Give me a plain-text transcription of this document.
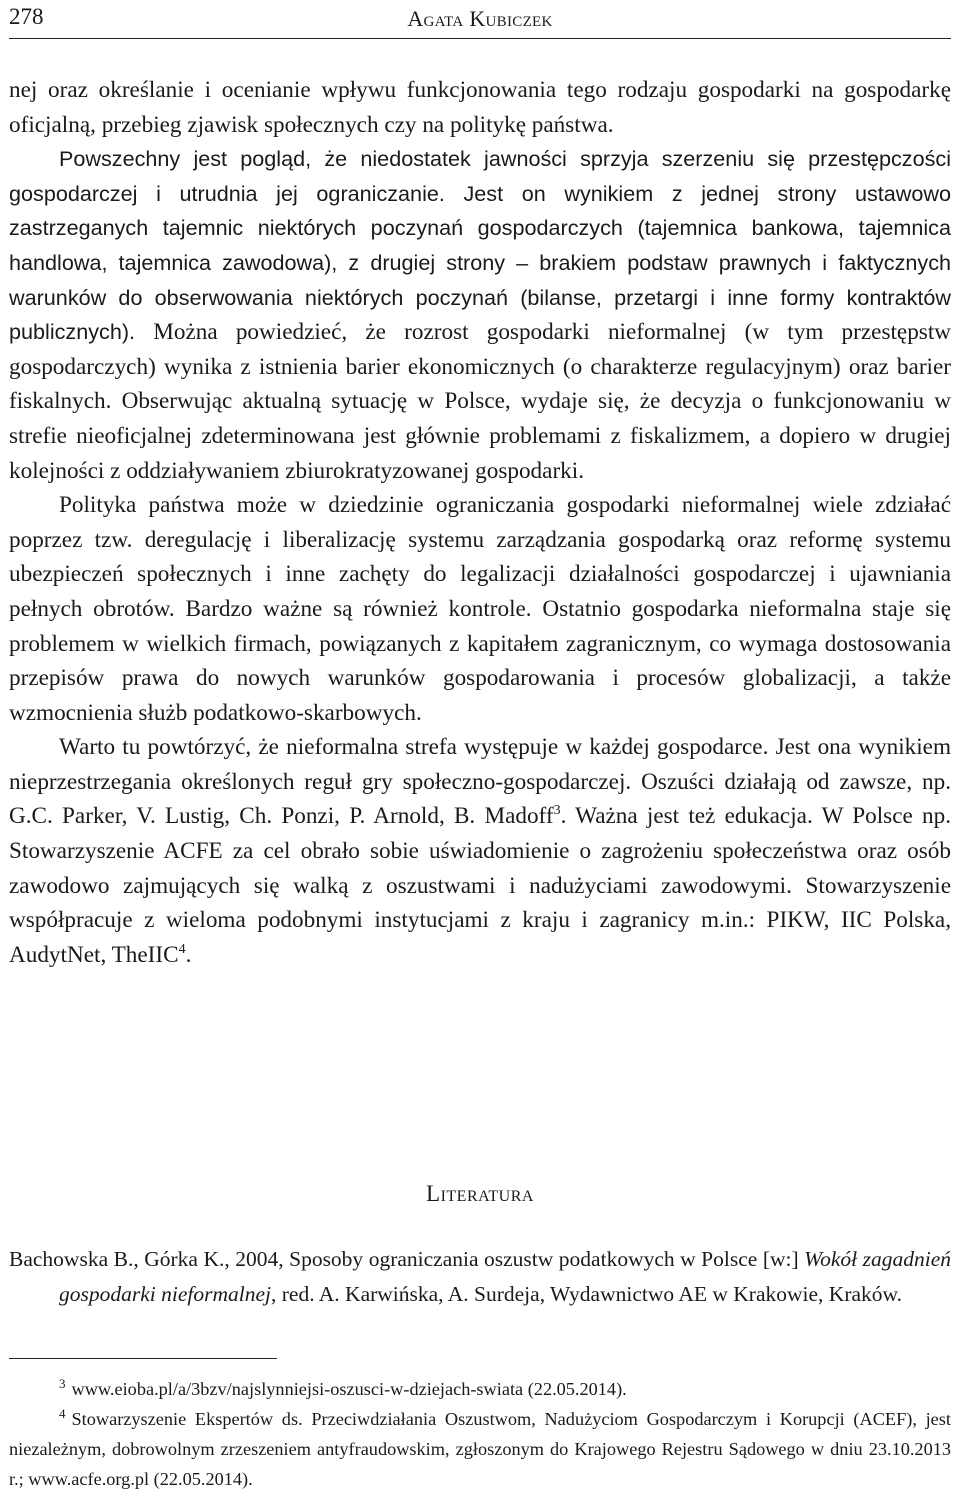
278	Agata Kubiczek

nej oraz określanie i ocenianie wpływu funkcjonowania tego rodzaju gospodarki na gospodarkę oficjalną, przebieg zjawisk społecznych czy na politykę państwa.

Powszechny jest pogląd, że niedostatek jawności sprzyja szerzeniu się przestępczości gospodarczej i utrudnia jej ograniczanie. Jest on wynikiem z jednej strony ustawowo zastrzeganych tajemnic niektórych poczynań gospodarczych (tajemnica bankowa, tajemnica handlowa, tajemnica zawodowa), z drugiej strony – brakiem podstaw prawnych i faktycznych warunków do obserwowania niektórych poczynań (bilanse, przetargi i inne formy kontraktów publicznych). Można powiedzieć, że rozrost gospodarki nieformalnej (w tym przestępstw gospodarczych) wynika z istnienia barier ekonomicznych (o charakterze regulacyjnym) oraz barier fiskalnych. Obserwując aktualną sytuację w Polsce, wydaje się, że decyzja o funkcjonowaniu w strefie nieoficjalnej zdeterminowana jest głównie problemami z fiskalizmem, a dopiero w drugiej kolejności z oddziaływaniem zbiurokratyzowanej gospodarki.

Polityka państwa może w dziedzinie ograniczania gospodarki nieformalnej wiele zdziałać poprzez tzw. deregulację i liberalizację systemu zarządzania gospodarką oraz reformę systemu ubezpieczeń społecznych i inne zachęty do legalizacji działalności gospodarczej i ujawniania pełnych obrotów. Bardzo ważne są również kontrole. Ostatnio gospodarka nieformalna staje się problemem w wielkich firmach, powiązanych z kapitałem zagranicznym, co wymaga dostosowania przepisów prawa do nowych warunków gospodarowania i procesów globalizacji, a także wzmocnienia służb podatkowo-skarbowych.

Warto tu powtórzyć, że nieformalna strefa występuje w każdej gospodarce. Jest ona wynikiem nieprzestrzegania określonych reguł gry społeczno-gospodarczej. Oszuści działają od zawsze, np. G.C. Parker, V. Lustig, Ch. Ponzi, P. Arnold, B. Madoff$^3$. Ważna jest też edukacja. W Polsce np. Stowarzyszenie ACFE za cel obrało sobie uświadomienie o zagrożeniu społeczeństwa oraz osób zawodowo zajmujących się walką z oszustwami i nadużyciami zawodowymi. Stowarzyszenie współpracuje z wieloma podobnymi instytucjami z kraju i zagranicy m.in.: PIKW, IIC Polska, AudytNet, TheIIC$^4$.

Literatura

Bachowska B., Górka K., 2004, Sposoby ograniczania oszustw podatkowych w Polsce [w:] Wokół zagadnień gospodarki nieformalnej, red. A. Karwińska, A. Surdeja, Wydawnictwo AE w Krakowie, Kraków.

$^3$ www.eioba.pl/a/3bzv/najslynniejsi-oszusci-w-dziejach-swiata (22.05.2014).

$^4$ Stowarzyszenie Ekspertów ds. Przeciwdziałania Oszustwom, Nadużyciom Gospodarczym i Korupcji (ACEF), jest niezależnym, dobrowolnym zrzeszeniem antyfraudowskim, zgłoszonym do Krajowego Rejestru Sądowego w dniu 23.10.2013 r.; www.acfe.org.pl (22.05.2014).
